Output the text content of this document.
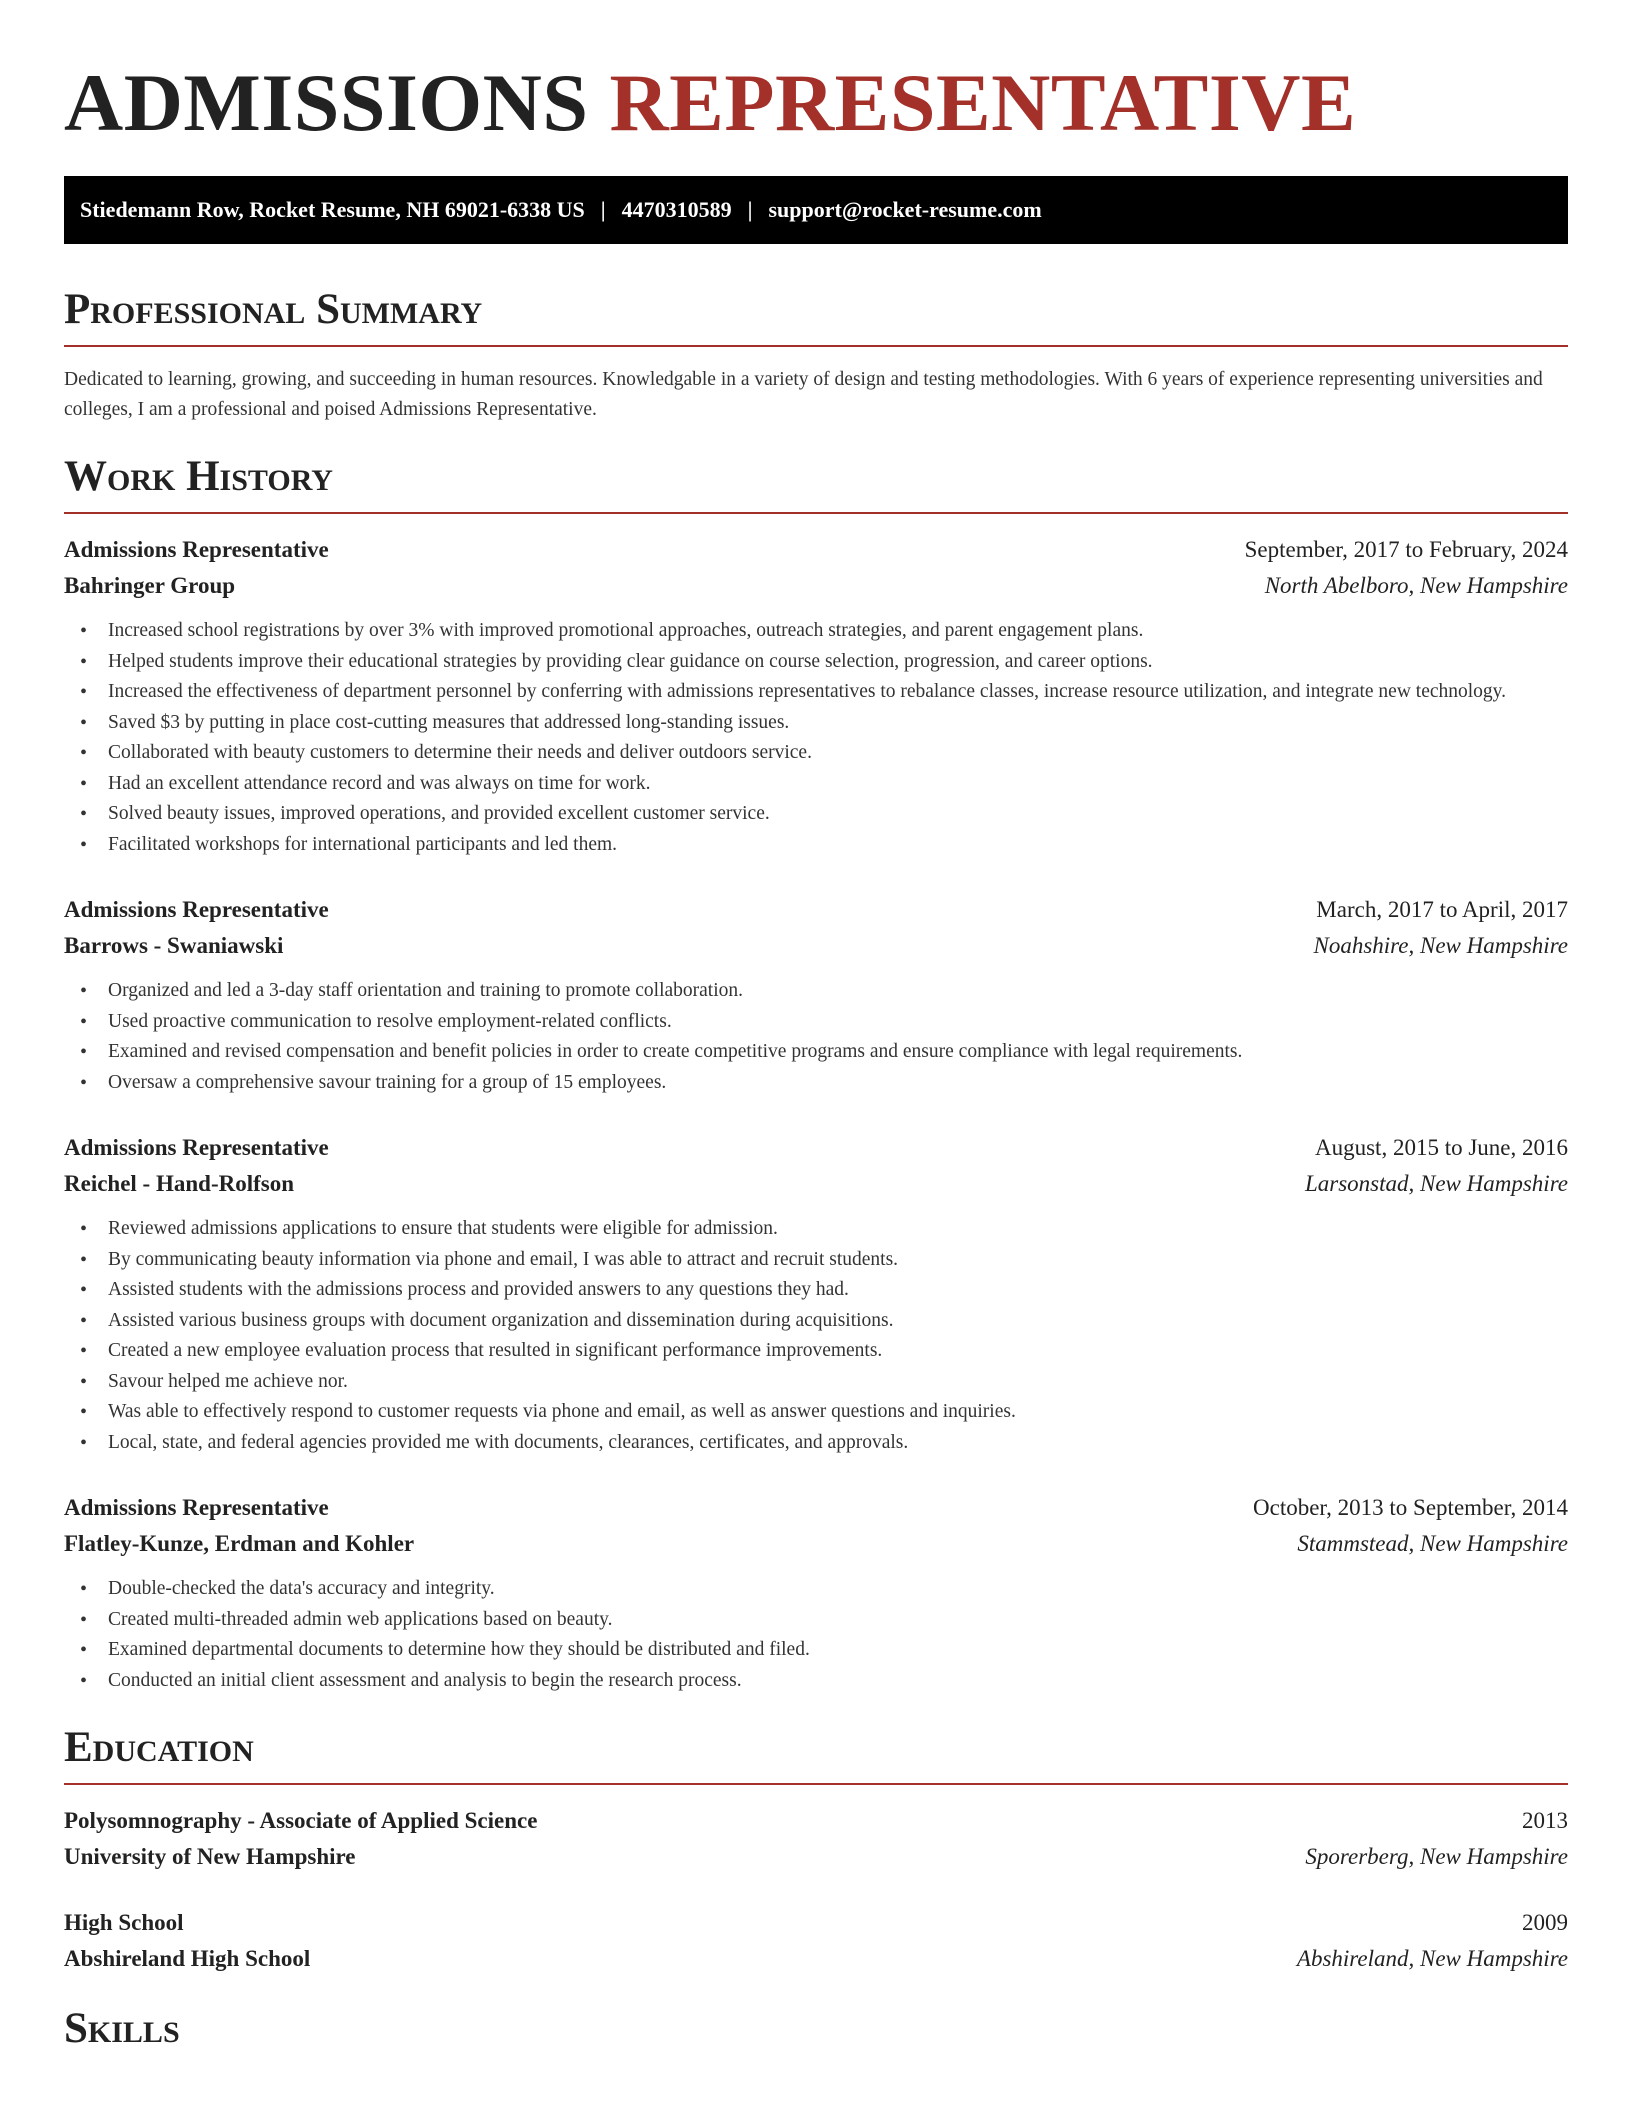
ADMISSIONS REPRESENTATIVE
Stiedemann Row, Rocket Resume, NH 69021-6338 US | 4470310589 | support@rocket-resume.com
Professional Summary

Dedicated to learning, growing, and succeeding in human resources. Knowledgable in a variety of design and testing methodologies. With 6 years of experience representing universities and colleges, I am a professional and poised Admissions Representative.

Work History
Admissions Representative	September, 2017 to February, 2024
Bahringer Group	North Abelboro, New Hampshire
• Increased school registrations by over 3% with improved promotional approaches, outreach strategies, and parent engagement plans.
• Helped students improve their educational strategies by providing clear guidance on course selection, progression, and career options.
• Increased the effectiveness of department personnel by conferring with admissions representatives to rebalance classes, increase resource utilization, and integrate new technology.
• Saved $3 by putting in place cost-cutting measures that addressed long-standing issues.
• Collaborated with beauty customers to determine their needs and deliver outdoors service.
• Had an excellent attendance record and was always on time for work.
• Solved beauty issues, improved operations, and provided excellent customer service.
• Facilitated workshops for international participants and led them.
Admissions Representative	March, 2017 to April, 2017
Barrows - Swaniawski	Noahshire, New Hampshire
• Organized and led a 3-day staff orientation and training to promote collaboration.
• Used proactive communication to resolve employment-related conflicts.
• Examined and revised compensation and benefit policies in order to create competitive programs and ensure compliance with legal requirements.
• Oversaw a comprehensive savour training for a group of 15 employees.
Admissions Representative	August, 2015 to June, 2016
Reichel - Hand-Rolfson	Larsonstad, New Hampshire
• Reviewed admissions applications to ensure that students were eligible for admission.
• By communicating beauty information via phone and email, I was able to attract and recruit students.
• Assisted students with the admissions process and provided answers to any questions they had.
• Assisted various business groups with document organization and dissemination during acquisitions.
• Created a new employee evaluation process that resulted in significant performance improvements.
• Savour helped me achieve nor.
• Was able to effectively respond to customer requests via phone and email, as well as answer questions and inquiries.
• Local, state, and federal agencies provided me with documents, clearances, certificates, and approvals.
Admissions Representative	October, 2013 to September, 2014
Flatley-Kunze, Erdman and Kohler	Stammstead, New Hampshire
• Double-checked the data's accuracy and integrity.
• Created multi-threaded admin web applications based on beauty.
• Examined departmental documents to determine how they should be distributed and filed.
• Conducted an initial client assessment and analysis to begin the research process.
Education
Polysomnography - Associate of Applied Science	2013
University of New Hampshire	Sporerberg, New Hampshire
High School	2009
Abshireland High School	Abshireland, New Hampshire
Skills
